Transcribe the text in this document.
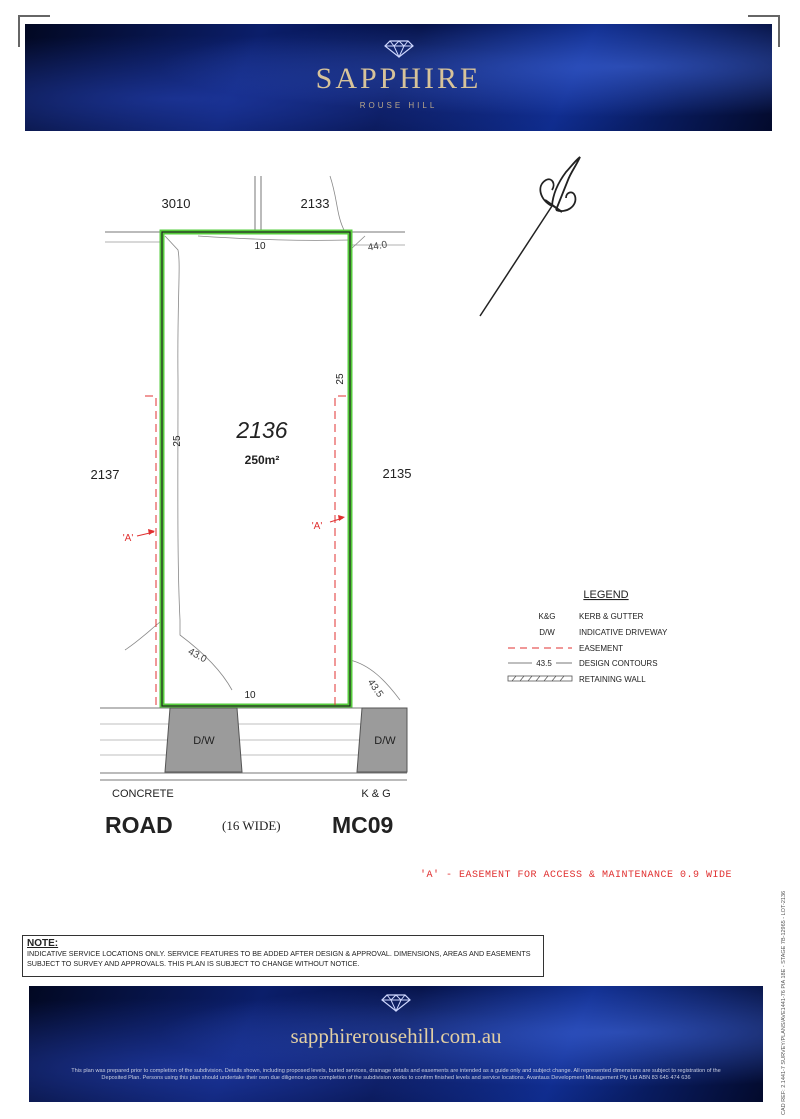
SAPPHIRE
ROUSE HILL
D/W	D/W
3010	2133
2137	2135
2136
250m²
10
10
25
25
44.0
43.0
43.5
'A'
'A'
CONCRETE	K & G
LEGEND
K&G	KERB & GUTTER
D/W	INDICATIVE DRIVEWAY
EASEMENT
43.5	DESIGN CONTOURS
RETAINING WALL
ROAD	(16 WIDE) MC09
'A' - EASEMENT FOR ACCESS & MAINTENANCE 0.9 WIDE
NOTE:
INDICATIVE SERVICE LOCATIONS ONLY. SERVICE FEATURES TO BE ADDED AFTER DESIGN & APPROVAL. DIMENSIONS, AREAS AND EASEMENTS SUBJECT TO SURVEY AND APPROVALS. THIS PLAN IS SUBJECT TO CHANGE WITHOUT NOTICE.	CAD REF: 2.1441-7 SURVEY/PLANS/AVE1441-76 PIA 18E - STAGE 7B-12965 - LOT-2136
sapphirerousehill.com.au
This plan was prepared prior to completion of the subdivision. Details shown, including proposed levels, buried services, drainage details and easements are intended as a guide only and subject change. All represented dimensions are subject to registration of the Deposited Plan. Persons using this plan should undertake their own due diligence upon completion of the subdivision works to confirm finished levels and service locations. Avantaus Development Management Pty Ltd ABN 83 645 474 636
